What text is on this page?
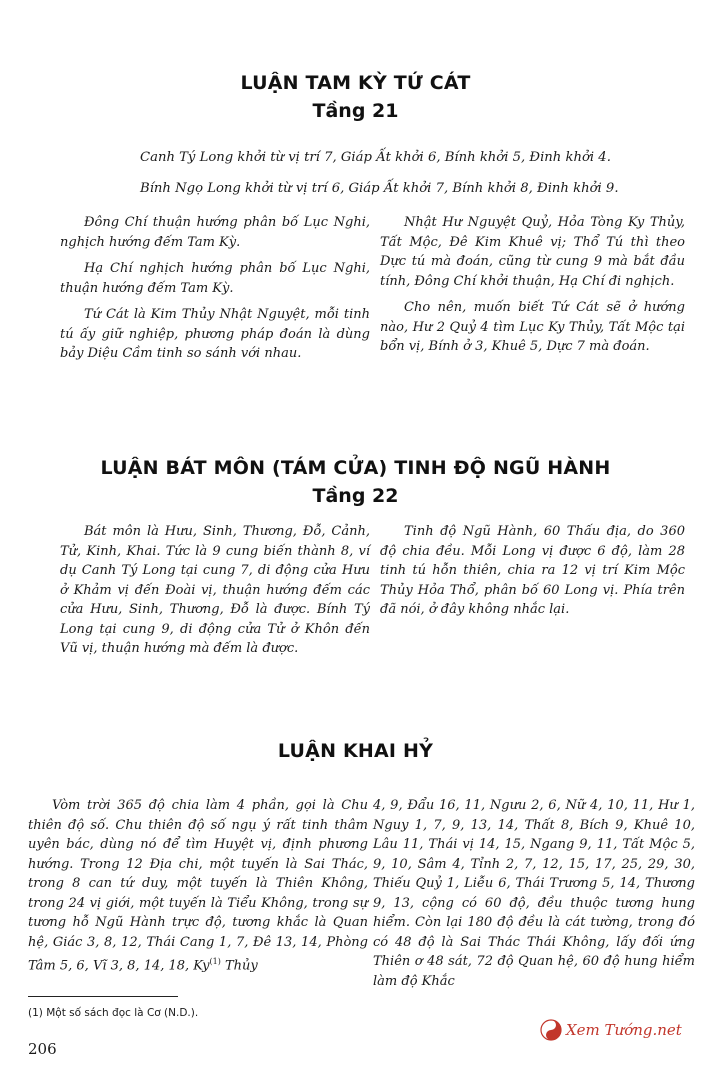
LUẬN TAM KỲ TỨ CÁT
Tầng 21

Canh Tý Long khởi từ vị trí 7, Giáp Ất khởi 6, Bính khởi 5, Đinh khởi 4.

Bính Ngọ Long khởi từ vị trí 6, Giáp Ất khởi 7, Bính khởi 8, Đinh khởi 9.

Đông Chí thuận hướng phân bố Lục Nghi, nghịch hướng đếm Tam Kỳ.

Hạ Chí nghịch hướng phân bố Lục Nghi, thuận hướng đếm Tam Kỳ.

Tứ Cát là Kim Thủy Nhật Nguyệt, mỗi tinh tú ấy giữ nghiệp, phương pháp đoán là dùng bảy Diệu Cầm tinh so sánh với nhau.

Nhật Hư Nguyệt Quỷ, Hỏa Tòng Ky Thủy, Tất Mộc, Đê Kim Khuê vị; Thổ Tú thì theo Dực tú mà đoán, cũng từ cung 9 mà bắt đầu tính, Đông Chí khởi thuận, Hạ Chí đi nghịch.

Cho nên, muốn biết Tứ Cát sẽ ở hướng nào, Hư 2 Quỷ 4 tìm Lục Ky Thủy, Tất Mộc tại bổn vị, Bính ở 3, Khuê 5, Dực 7 mà đoán.

LUẬN BÁT MÔN (TÁM CỬA) TINH ĐỘ NGŨ HÀNH
Tầng 22

Bát môn là Hưu, Sinh, Thương, Đỗ, Cảnh, Tử, Kinh, Khai. Tức là 9 cung biến thành 8, ví dụ Canh Tý Long tại cung 7, di động cửa Hưu ở Khảm vị đến Đoài vị, thuận hướng đếm các cửa Hưu, Sinh, Thương, Đỗ là được. Bính Tý Long tại cung 9, di động cửa Tử ở Khôn đến Vũ vị, thuận hướng mà đếm là được.

Tinh độ Ngũ Hành, 60 Thấu địa, do 360 độ chia đều. Mỗi Long vị được 6 độ, làm 28 tinh tú hỗn thiên, chia ra 12 vị trí Kim Mộc Thủy Hỏa Thổ, phân bố 60 Long vị. Phía trên đã nói, ở đây không nhắc lại.

LUẬN KHAI HỶ

Vòm trời 365 độ chia làm 4 phần, gọi là Chu thiên độ số. Chu thiên độ số ngụ ý rất tinh thâm uyên bác, dùng nó để tìm Huyệt vị, định phương hướng. Trong 12 Địa chi, một tuyến là Sai Thác, trong 8 can tứ duy, một tuyến là Thiên Không, trong 24 vị giới, một tuyến là Tiểu Không, trong sự tương hỗ Ngũ Hành trực độ, tương khắc là Quan hệ, Giác 3, 8, 12, Thái Cang 1, 7, Đê 13, 14, Phòng Tâm 5, 6, Vĩ 3, 8, 14, 18, Ky$^{(1)}$ Thủy

4, 9, Đẩu 16, 11, Ngưu 2, 6, Nữ 4, 10, 11, Hư 1, Nguy 1, 7, 9, 13, 14, Thất 8, Bích 9, Khuê 10, Lâu 11, Thái vị 14, 15, Ngang 9, 11, Tất Mộc 5, 9, 10, Sâm 4, Tỉnh 2, 7, 12, 15, 17, 25, 29, 30, Thiếu Quỷ 1, Liễu 6, Thái Trương 5, 14, Thương 9, 13, cộng có 60 độ, đều thuộc tương hung hiểm. Còn lại 180 độ đều là cát tường, trong đó có 48 độ là Sai Thác Thái Không, lấy đối ứng Thiên ơ 48 sát, 72 độ Quan hệ, 60 độ hung hiểm làm độ Khắc

(1) Một số sách đọc là Cơ (N.D.).
206
Xem Tướng.net
